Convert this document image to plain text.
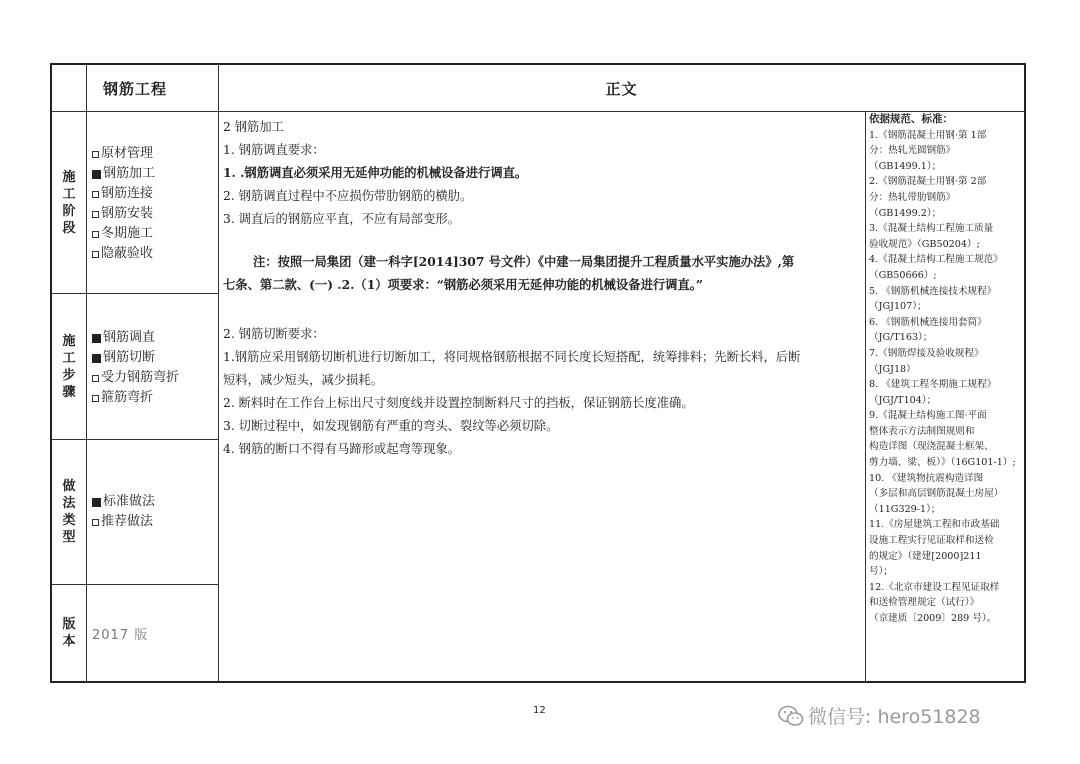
钢筋工程	正文
施工阶段
原材管理
钢筋加工
钢筋连接
钢筋安装
冬期施工
隐蔽验收
施工步骤
钢筋调直
钢筋切断
受力钢筋弯折
箍筋弯折
做法类型
标准做法
推荐做法
版本 2017 版
2 钢筋加工
1. 钢筋调直要求：
1. .钢筋调直必须采用无延伸功能的机械设备进行调直。
2. 钢筋调直过程中不应损伤带肋钢筋的横肋。
3. 调直后的钢筋应平直，不应有局部变形。
注：按照一局集团（建一科字[2014]307 号文件）《中建一局集团提升工程质量水平实施办法》,第
七条、第二款、(一) .2.（1）项要求：“钢筋必须采用无延伸功能的机械设备进行调直。”
2. 钢筋切断要求：
1.钢筋应采用钢筋切断机进行切断加工，将同规格钢筋根据不同长度长短搭配，统筹排料；先断长料，后断
短料，减少短头，减少损耗。
2. 断料时在工作台上标出尺寸刻度线并设置控制断料尺寸的挡板，保证钢筋长度准确。
3. 切断过程中，如发现钢筋有严重的弯头、裂纹等必须切除。
4. 钢筋的断口不得有马蹄形或起弯等现象。
依据规范、标准：
1.《钢筋混凝土用钢·第 1部
分：热轧光圆钢筋》
（GB1499.1）；
2.《钢筋混凝土用钢·第 2部
分：热轧带肋钢筋》
（GB1499.2）；
3.《混凝土结构工程施工质量
验收规范》（GB50204）;
4.《混凝土结构工程施工规范》
（GB50666）;
5. 《钢筋机械连接技术规程》
（JGJ107）；
6. 《钢筋机械连接用套筒》
（JG/T163）；
7.《钢筋焊接及验收规程》
（JGJ18）
8. 《建筑工程冬期施工规程》
（JGJ/T104）；
9.《混凝土结构施工图·平面
整体表示方法制图规则和
构造详图（现浇混凝土框架、
剪力墙、梁、板）》（16G101-1）;
10. 《建筑物抗震构造详图
（多层和高层钢筋混凝土房屋）
（11G329-1）；
11.《房屋建筑工程和市政基础
设施工程实行见证取样和送检
的规定》（建建[2000]211
号）；
12.《北京市建设工程见证取样
和送检管理规定（试行）》
（京建质〔2009〕289 号）。
12	微信号: hero51828
